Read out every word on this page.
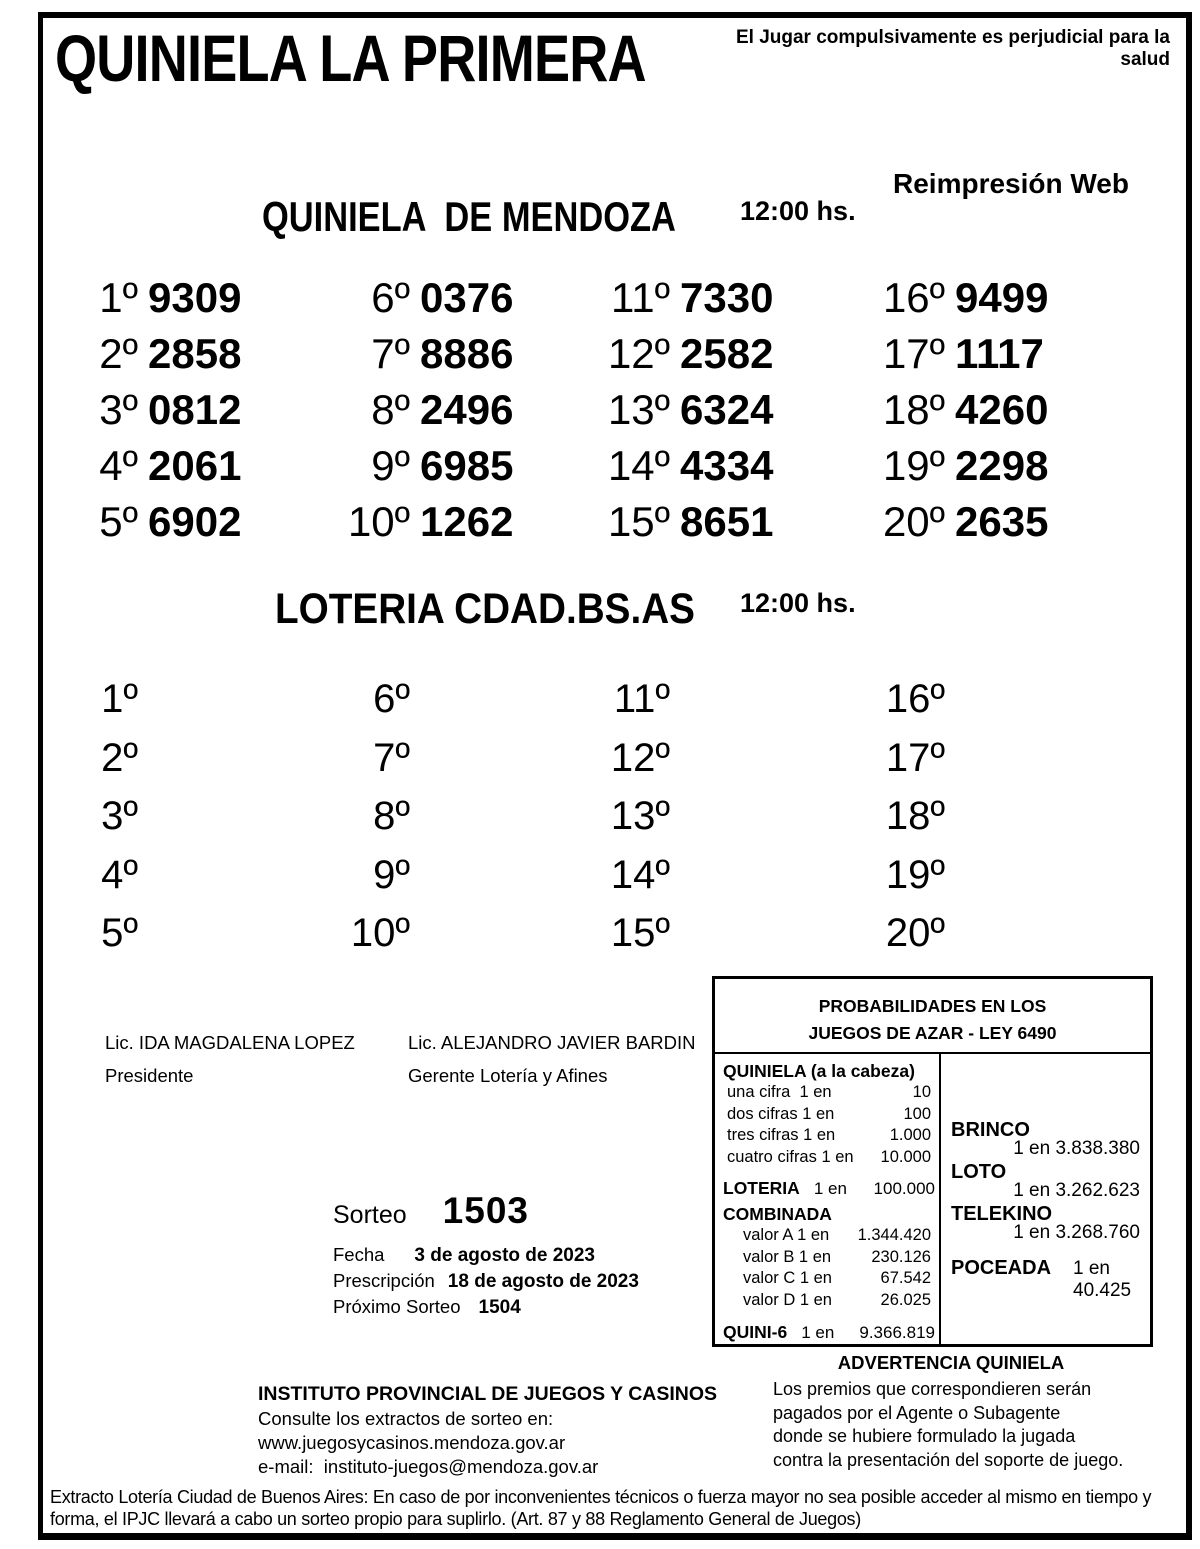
QUINIELA LA PRIMERA	El Jugar compulsivamente es perjudicial para la salud
QUINIELA  DE MENDOZA 12:00 hs.
Reimpresión Web
1º 9309
2º 2858
3º 0812
4º 2061
5º 6902
6º 0376
7º 8886
8º 2496
9º 6985
10º 1262
11º 7330
12º 2582
13º 6324
14º 4334
15º 8651
16º 9499
17º 1117
18º 4260
19º 2298
20º 2635
LOTERIA CDAD.BS.AS 12:00 hs.
1º
2º
3º
4º
5º
6º
7º
8º
9º
10º
11º
12º
13º
14º
15º
16º
17º
18º
19º
20º
Lic. IDA MAGDALENA LOPEZ
Presidente
Lic. ALEJANDRO JAVIER BARDIN
Gerente Lotería y Afines
PROBABILIDADES EN LOS
JUEGOS DE AZAR - LEY 6490
QUINIELA (a la cabeza)
una cifra  1 en	10
dos cifras 1 en	100
tres cifras 1 en	1.000
cuatro cifras 1 en 10.000
LOTERIA 1 en	100.000
COMBINADA
valor A 1 en 1.344.420
valor B 1 en 230.126
valor C 1 en	67.542
valor D 1 en	26.025
QUINI-6 1 en	9.366.819
BRINCO
1 en 3.838.380
LOTO
1 en 3.262.623
TELEKINO
1 en 3.268.760
POCEADA 1 en 40.425
Sorteo 1503
Fecha 3 de agosto de 2023
Prescripción 18 de agosto de 2023
Próximo Sorteo 1504
INSTITUTO PROVINCIAL DE JUEGOS Y CASINOS
Consulte los extractos de sorteo en:
www.juegosycasinos.mendoza.gov.ar
e-mail:  instituto-juegos@mendoza.gov.ar
ADVERTENCIA QUINIELA
Los premios que correspondieren serán
pagados por el Agente o Subagente
donde se hubiere formulado la jugada
contra la presentación del soporte de juego.
Extracto Lotería Ciudad de Buenos Aires: En caso de por inconvenientes técnicos o fuerza mayor no sea posible acceder al mismo en tiempo y
forma, el IPJC llevará a cabo un sorteo propio para suplirlo. (Art. 87 y 88 Reglamento General de Juegos)
